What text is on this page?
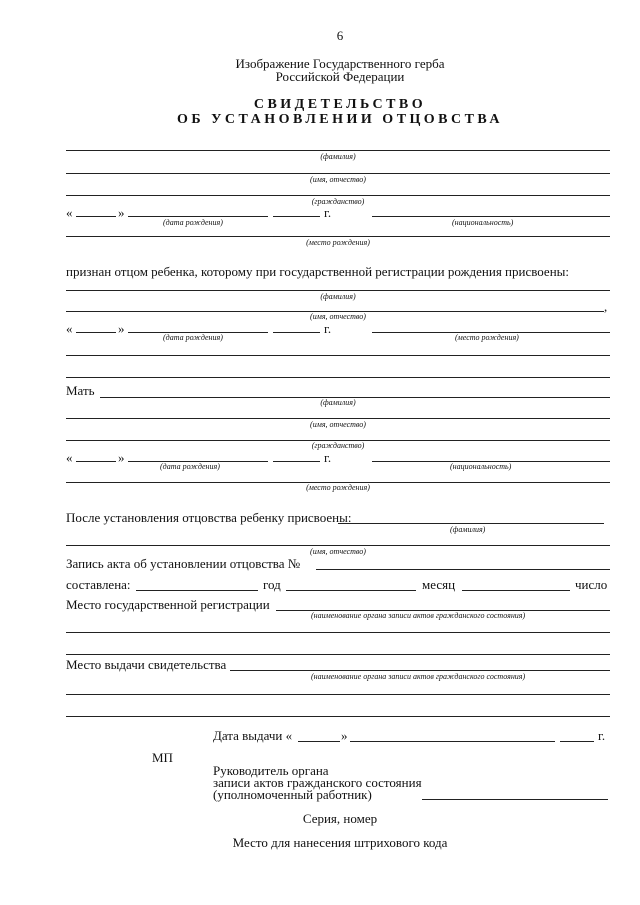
6
Изображение Государственного герба
Российской Федерации
СВИДЕТЕЛЬСТВО
ОБ УСТАНОВЛЕНИИ ОТЦОВСТВА
(фамилия)
(имя, отчество)
(гражданство)
«	»	г.
(дата рождения)	(национальность)
(место рождения)
признан отцом ребенка, которому при государственной регистрации рождения присвоены:
(фамилия)
,
(имя, отчество)
«	»	г.
(дата рождения)	(место рождения)
Мать
(фамилия)
(имя, отчество)
(гражданство)
«	»	г.
(дата рождения)	(национальность)
(место рождения)
После установления отцовства ребенку присвоены:
(фамилия)
(имя, отчество)
Запись акта об установлении отцовства №
составлена:	год	месяц	число
Место государственной регистрации
(наименование органа записи актов гражданского состояния)
Место выдачи свидетельства
(наименование органа записи актов гражданского состояния)
Дата выдачи «	»	г.
МП
Руководитель органа
записи актов гражданского состояния
(уполномоченный работник)
Серия, номер
Место для нанесения штрихового кода
